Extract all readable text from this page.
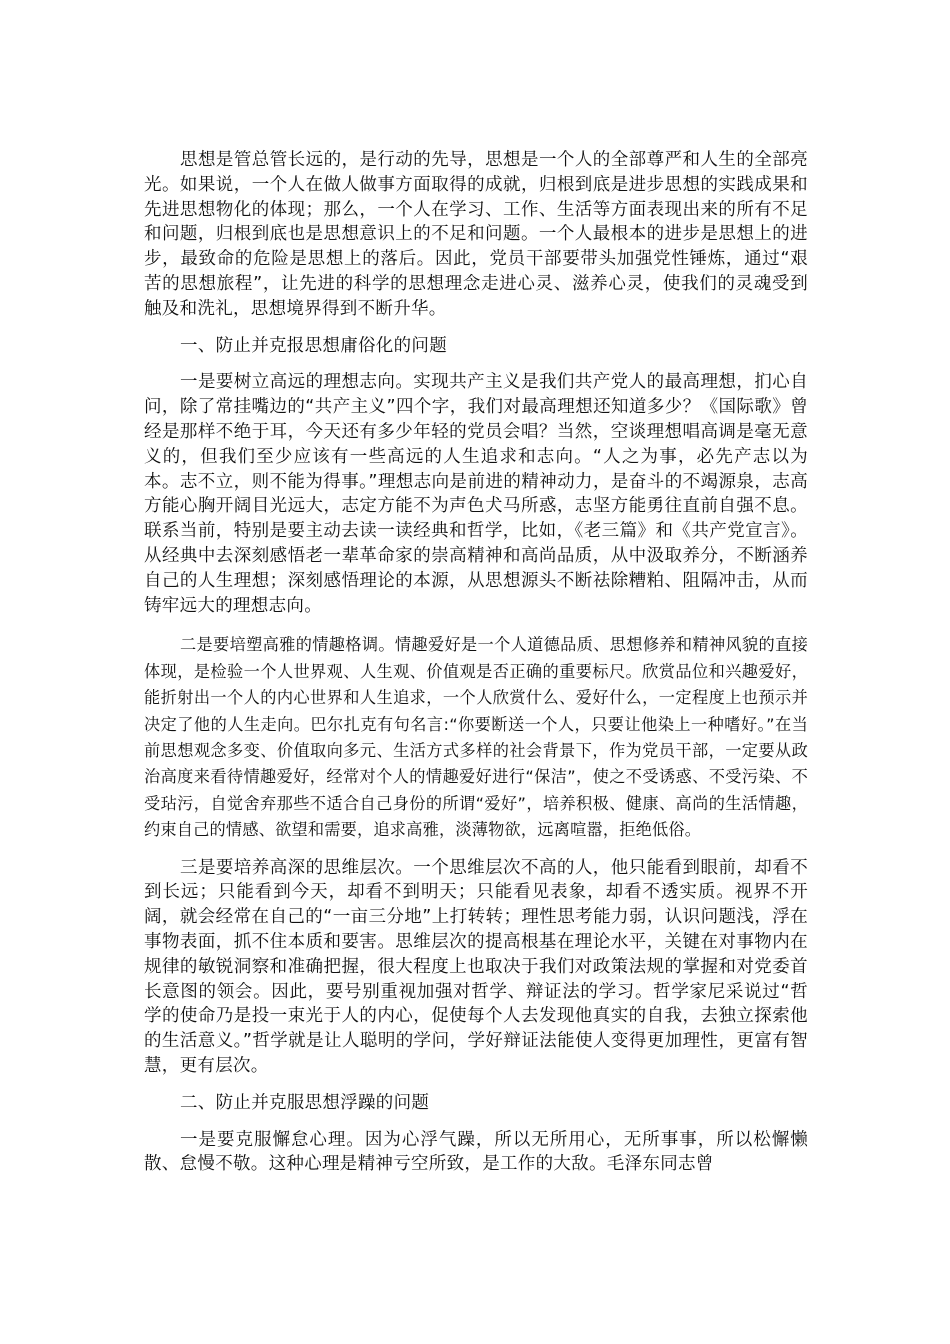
思想是管总管长远的，是行动的先导，思想是一个人的全部尊严和人生的全部亮光。如果说，一个人在做人做事方面取得的成就，归根到底是进步思想的实践成果和先进思想物化的体现；那么，一个人在学习、工作、生活等方面表现出来的所有不足和问题，归根到底也是思想意识上的不足和问题。一个人最根本的进步是思想上的进步，最致命的危险是思想上的落后。因此，党员干部要带头加强党性锤炼，通过“艰苦的思想旅程”，让先进的科学的思想理念走进心灵、滋养心灵，使我们的灵魂受到触及和洗礼，思想境界得到不断升华。

一、防止并克报思想庸俗化的问题

一是要树立高远的理想志向。实现共产主义是我们共产党人的最高理想，扪心自问，除了常挂嘴边的“共产主义”四个字，我们对最高理想还知道多少？《国际歌》曾经是那样不绝于耳，今天还有多少年轻的党员会唱？当然，空谈理想唱高调是毫无意义的，但我们至少应该有一些高远的人生追求和志向。“人之为事，必先产志以为本。志不立，则不能为得事。”理想志向是前进的精神动力，是奋斗的不竭源泉，志高方能心胸开阔目光远大，志定方能不为声色犬马所惑，志坚方能勇往直前自强不息。联系当前，特别是要主动去读一读经典和哲学，比如，《老三篇》和《共产党宣言》。从经典中去深刻感悟老一辈革命家的崇高精神和高尚品质，从中汲取养分，不断涵养自己的人生理想；深刻感悟理论的本源，从思想源头不断祛除糟粕、阻隔冲击，从而铸牢远大的理想志向。

二是要培塑高雅的情趣格调。情趣爱好是一个人道德品质、思想修养和精神风貌的直接体现，是检验一个人世界观、人生观、价值观是否正确的重要标尺。欣赏品位和兴趣爱好，能折射出一个人的内心世界和人生追求，一个人欣赏什么、爱好什么，一定程度上也预示并决定了他的人生走向。巴尔扎克有句名言:“你要断送一个人，只要让他染上一种嗜好。”在当前思想观念多变、价值取向多元、生活方式多样的社会背景下，作为党员干部，一定要从政治高度来看待情趣爱好，经常对个人的情趣爱好进行“保洁”，使之不受诱惑、不受污染、不受玷污，自觉舍弃那些不适合自己身份的所谓“爱好”，培养积极、健康、高尚的生活情趣，约束自己的情感、欲望和需要，追求高雅，淡薄物欲，远离喧嚣，拒绝低俗。

三是要培养高深的思维层次。一个思维层次不高的人，他只能看到眼前，却看不到长远；只能看到今天，却看不到明天；只能看见表象，却看不透实质。视界不开阔，就会经常在自己的“一亩三分地”上打转转；理性思考能力弱，认识问题浅，浮在事物表面，抓不住本质和要害。思维层次的提高根基在理论水平，关键在对事物内在规律的敏锐洞察和准确把握，很大程度上也取决于我们对政策法规的掌握和对党委首长意图的领会。因此，要号别重视加强对哲学、辩证法的学习。哲学家尼采说过“哲学的使命乃是投一束光于人的内心，促使每个人去发现他真实的自我，去独立探索他的生活意义。”哲学就是让人聪明的学问，学好辩证法能使人变得更加理性，更富有智慧，更有层次。

二、防止并克服思想浮躁的问题

一是要克服懈怠心理。因为心浮气躁，所以无所用心，无所事事，所以松懈懒散、怠慢不敬。这种心理是精神亏空所致，是工作的大敌。毛泽东同志曾
